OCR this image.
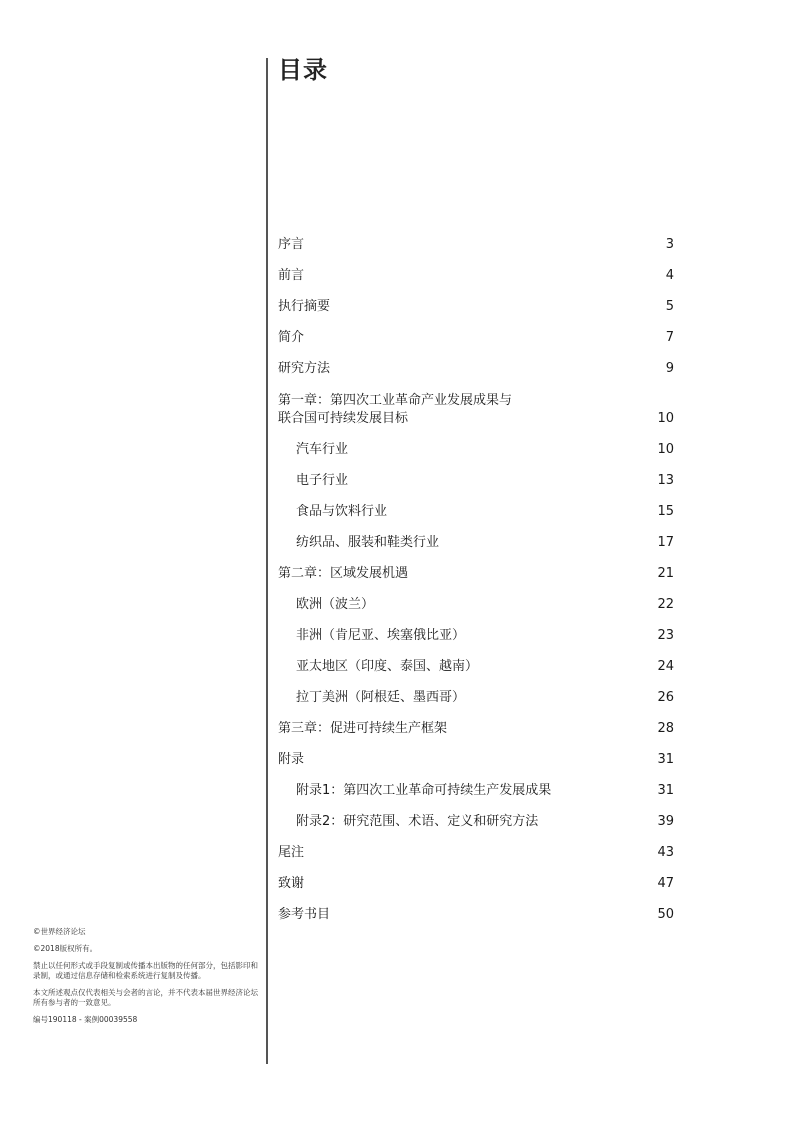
目录
序言	3
前言	4
执行摘要	5
简介	7
研究方法	9
第一章：第四次工业革命产业发展成果与
联合国可持续发展目标	10
汽车行业	10
电子行业	13
食品与饮料行业	15
纺织品、服装和鞋类行业	17
第二章：区域发展机遇	21
欧洲（波兰）	22
非洲（肯尼亚、埃塞俄比亚）	23
亚太地区（印度、泰国、越南）	24
拉丁美洲（阿根廷、墨西哥）	26
第三章：促进可持续生产框架	28
附录	31
附录1：第四次工业革命可持续生产发展成果	31
附录2：研究范围、术语、定义和研究方法	39
尾注	43
致谢	47
参考书目	50

©世界经济论坛

©2018版权所有。

禁止以任何形式或手段复制或传播本出版物的任何部分，包括影印和录制，或通过信息存储和检索系统进行复制及传播。

本文所述观点仅代表相关与会者的言论，并不代表本届世界经济论坛所有参与者的一致意见。

编号190118 - 案例00039558
